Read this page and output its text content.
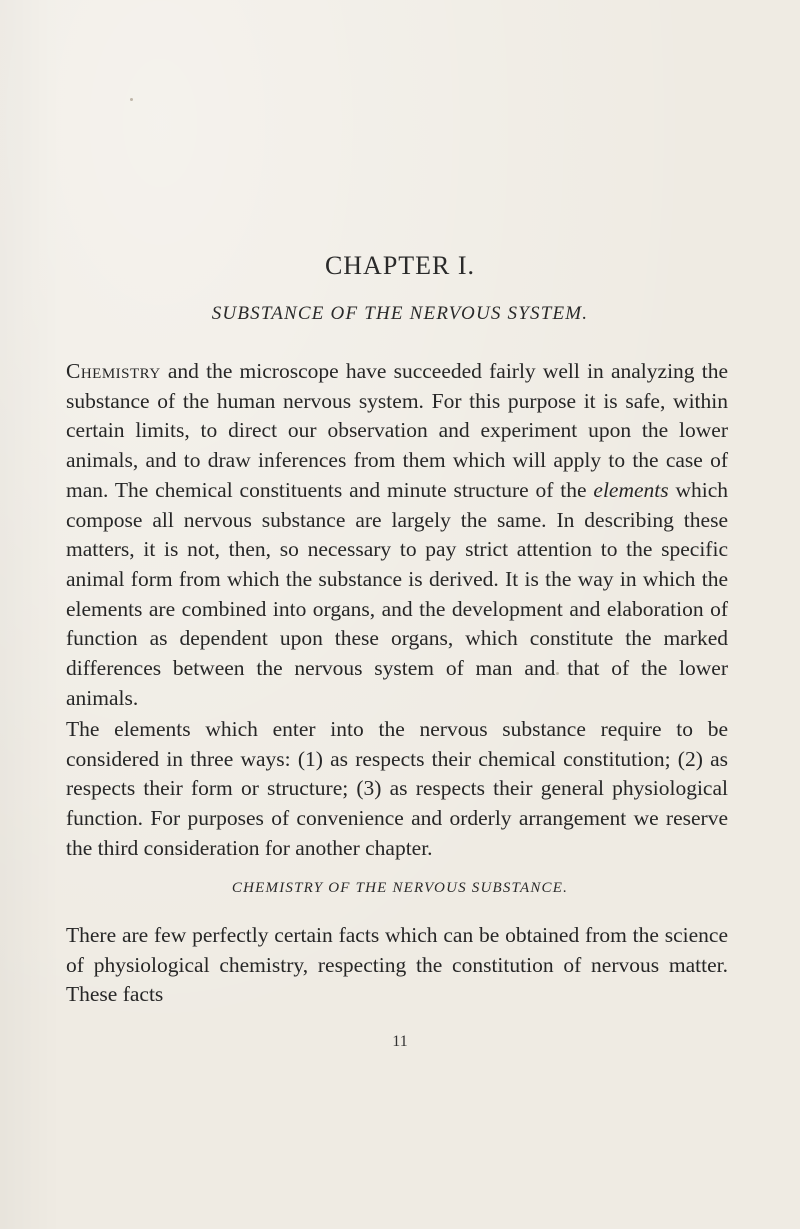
CHAPTER I.
SUBSTANCE OF THE NERVOUS SYSTEM.

Chemistry and the microscope have succeeded fairly well in analyzing the substance of the human nervous system. For this purpose it is safe, within certain limits, to direct our observation and experiment upon the lower animals, and to draw inferences from them which will apply to the case of man. The chemical constituents and minute structure of the elements which compose all nervous substance are largely the same. In describing these matters, it is not, then, so necessary to pay strict attention to the specific animal form from which the substance is derived. It is the way in which the elements are combined into organs, and the development and elaboration of function as dependent upon these organs, which constitute the marked differences between the nervous system of man and that of the lower animals.

The elements which enter into the nervous substance require to be considered in three ways: (1) as respects their chemical constitution; (2) as respects their form or structure; (3) as respects their general physiological function. For purposes of convenience and orderly arrangement we reserve the third consideration for another chapter.

CHEMISTRY OF THE NERVOUS SUBSTANCE.

There are few perfectly certain facts which can be obtained from the science of physiological chemistry, respecting the constitution of nervous matter. These facts

11
